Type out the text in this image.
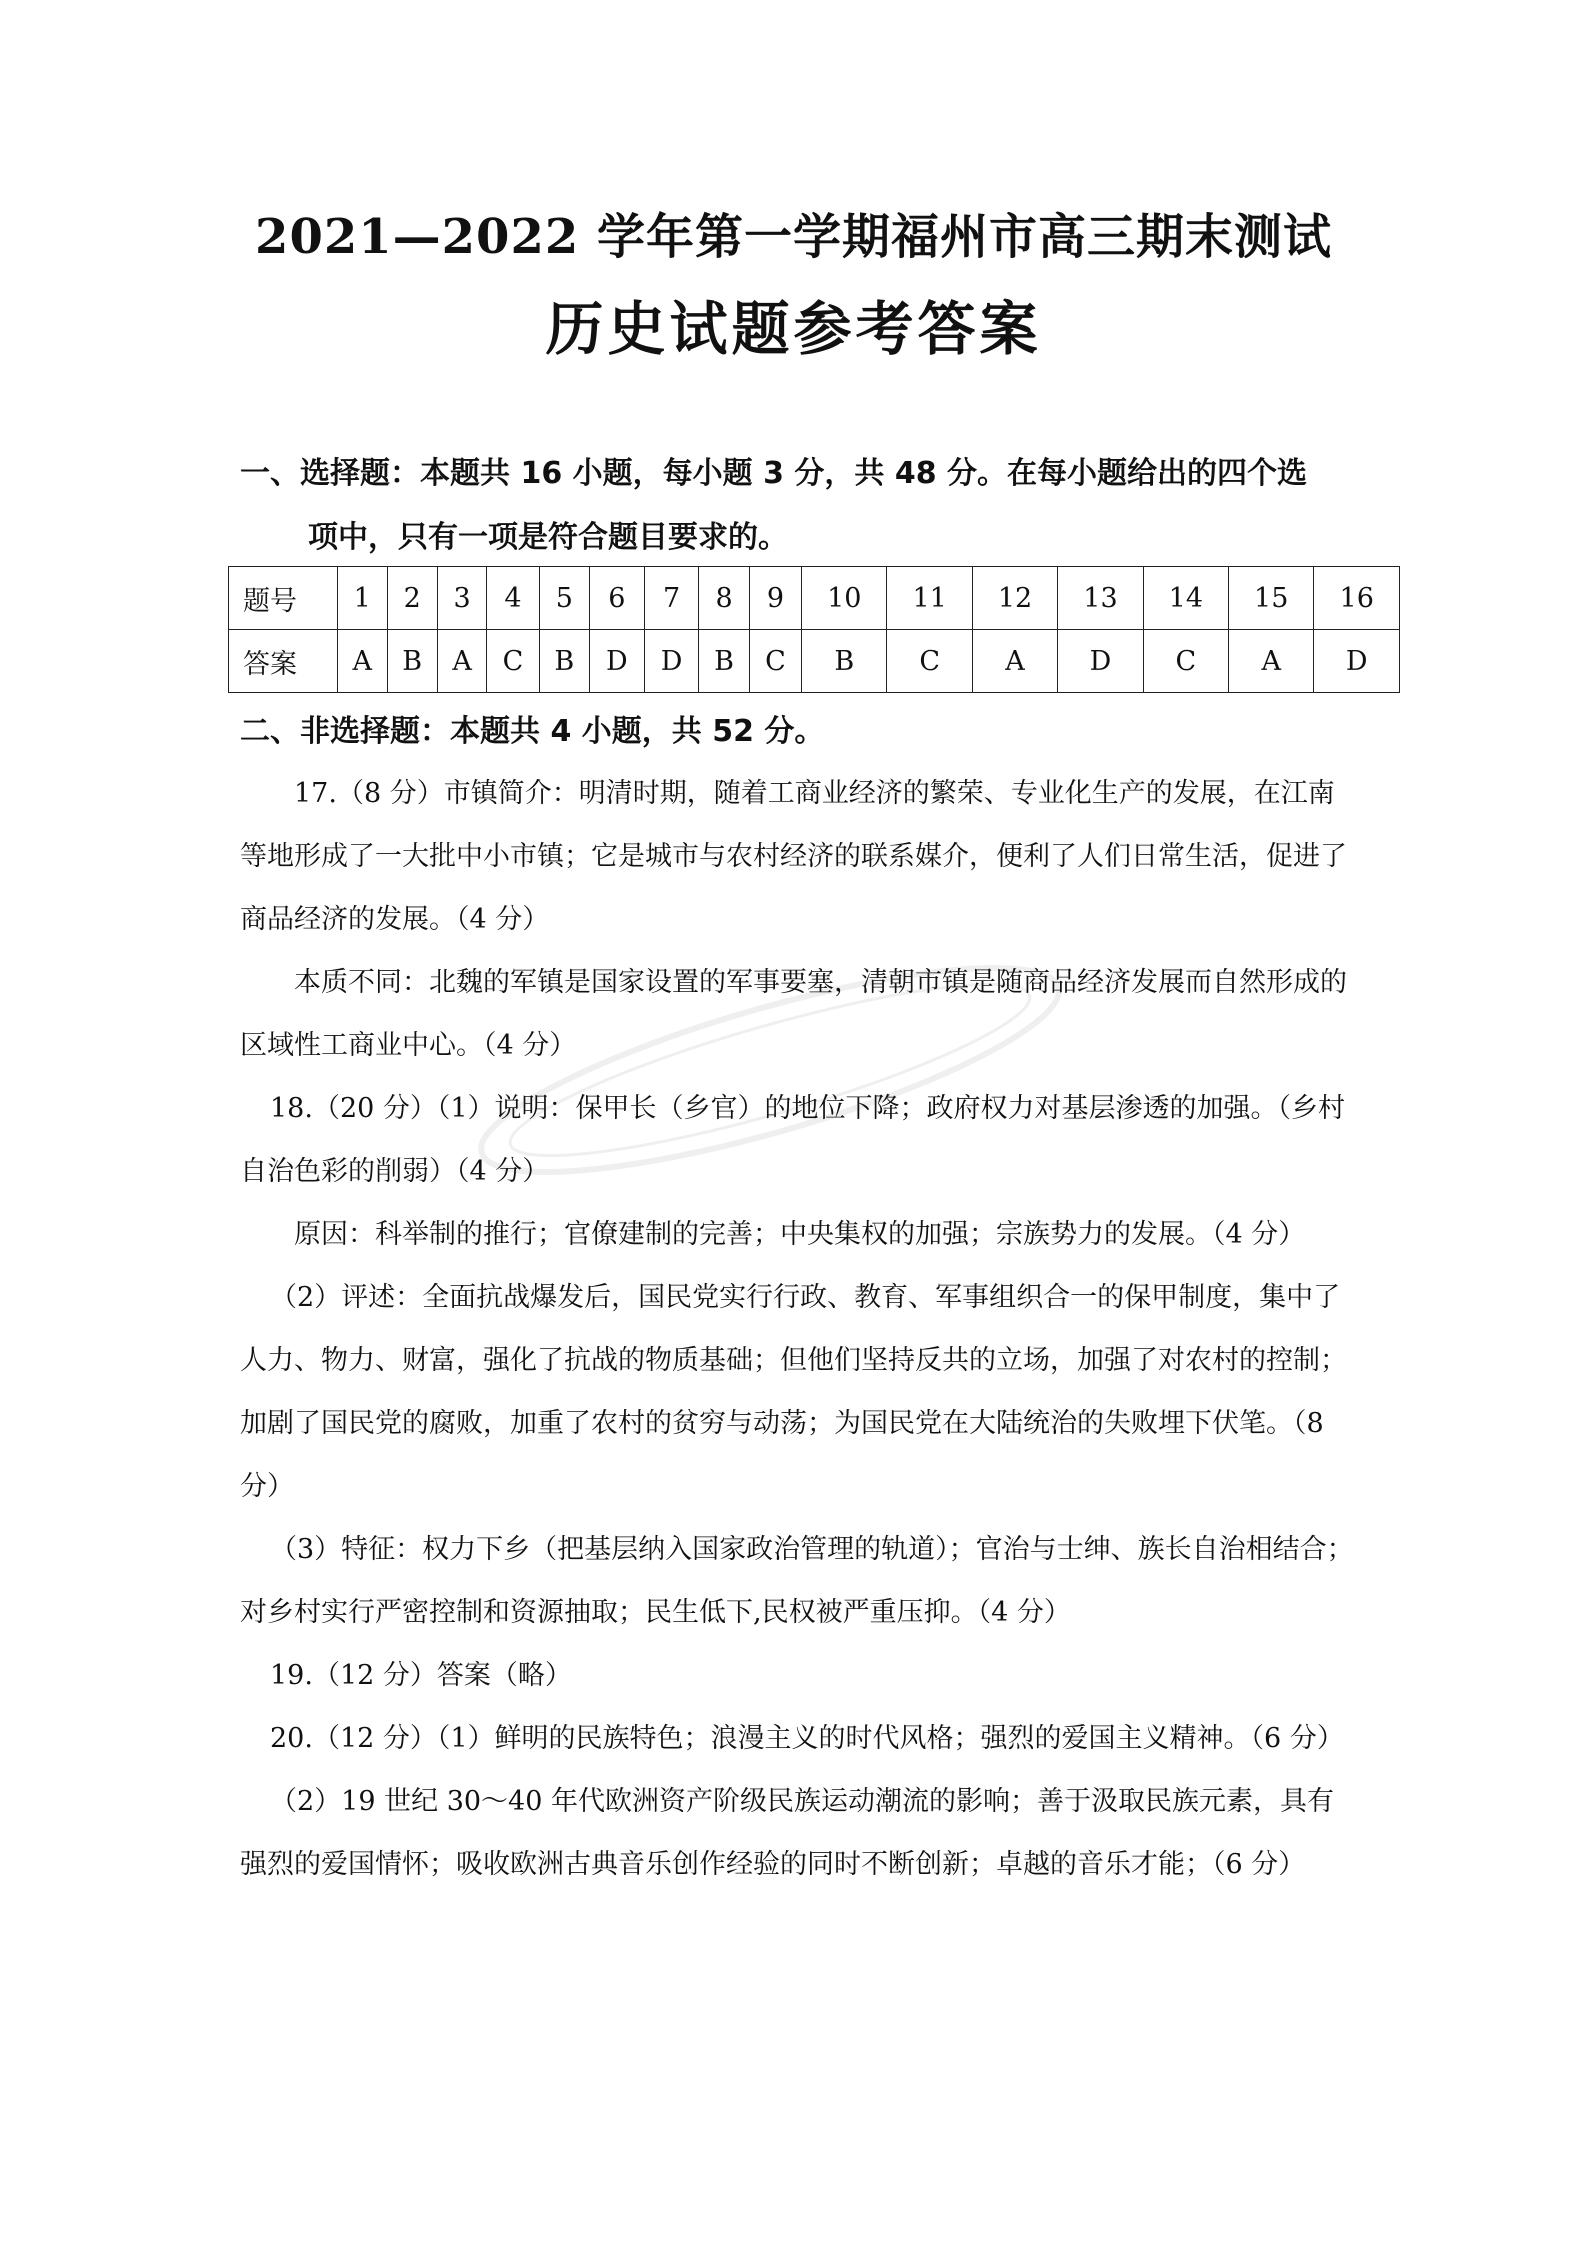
2021—2022 学年第一学期福州市高三期末测试
历史试题参考答案
一、选择题：本题共 16 小题，每小题 3 分，共 48 分。在每小题给出的四个选
项中，只有一项是符合题目要求的。
题号	1	2	3	4	5	6	7	8	9	10	11	12	13	14	15	16
答案	A	B	A	C	B	D	D	B	C	B	C	A	D	C	A	D
二、非选择题：本题共 4 小题，共 52 分。

17.（8 分）市镇简介：明清时期，随着工商业经济的繁荣、专业化生产的发展，在江南等地形成了一大批中小市镇；它是城市与农村经济的联系媒介，便利了人们日常生活，促进了商品经济的发展。（4 分）

本质不同：北魏的军镇是国家设置的军事要塞，清朝市镇是随商品经济发展而自然形成的区域性工商业中心。（4 分）

18.（20 分）（1）说明：保甲长（乡官）的地位下降；政府权力对基层渗透的加强。（乡村自治色彩的削弱）（4 分）

原因：科举制的推行；官僚建制的完善；中央集权的加强；宗族势力的发展。（4 分）

（2）评述：全面抗战爆发后，国民党实行行政、教育、军事组织合一的保甲制度，集中了人力、物力、财富，强化了抗战的物质基础；但他们坚持反共的立场，加强了对农村的控制；加剧了国民党的腐败，加重了农村的贫穷与动荡；为国民党在大陆统治的失败埋下伏笔。（8 分）

（3）特征：权力下乡（把基层纳入国家政治管理的轨道）；官治与士绅、族长自治相结合；对乡村实行严密控制和资源抽取；民生低下,民权被严重压抑。（4 分）

19.（12 分）答案（略）

20.（12 分）（1）鲜明的民族特色；浪漫主义的时代风格；强烈的爱国主义精神。（6 分）

（2）19 世纪 30～40 年代欧洲资产阶级民族运动潮流的影响；善于汲取民族元素，具有强烈的爱国情怀；吸收欧洲古典音乐创作经验的同时不断创新；卓越的音乐才能；（6 分）
